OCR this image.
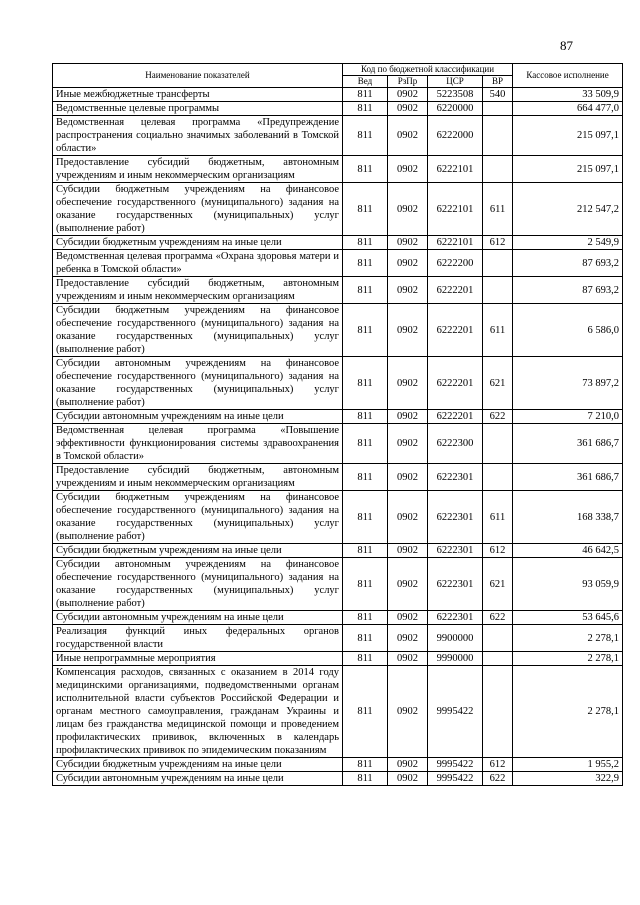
87
Наименование показателей	Код по бюджетной классификации				Кассовое исполнение
	Вед	РзПр	ЦСР	ВР	
Иные межбюджетные трансферты	811	0902	5223508	540	33 509,9
Ведомственные целевые программы	811	0902	6220000		664 477,0
Ведомственная целевая программа «Предупреждение распространения социально значимых заболеваний в Томской области»	811	0902	6222000		215 097,1
Предоставление субсидий бюджетным, автономным учреждениям и иным некоммерческим организациям	811	0902	6222101		215 097,1
Субсидии бюджетным учреждениям на финансовое обеспечение государственного (муниципального) задания на оказание государственных (муниципальных) услуг (выполнение работ)	811	0902	6222101	611	212 547,2
Субсидии бюджетным учреждениям на иные цели	811	0902	6222101	612	2 549,9
Ведомственная целевая программа «Охрана здоровья матери и ребенка в Томской области»	811	0902	6222200		87 693,2
Предоставление субсидий бюджетным, автономным учреждениям и иным некоммерческим организациям	811	0902	6222201		87 693,2
Субсидии бюджетным учреждениям на финансовое обеспечение государственного (муниципального) задания на оказание государственных (муниципальных) услуг (выполнение работ)	811	0902	6222201	611	6 586,0
Субсидии автономным учреждениям на финансовое обеспечение государственного (муниципального) задания на оказание государственных (муниципальных) услуг (выполнение работ)	811	0902	6222201	621	73 897,2
Субсидии автономным учреждениям на иные цели	811	0902	6222201	622	7 210,0
Ведомственная целевая программа «Повышение эффективности функционирования системы здравоохранения в Томской области»	811	0902	6222300		361 686,7
Предоставление субсидий бюджетным, автономным учреждениям и иным некоммерческим организациям	811	0902	6222301		361 686,7
Субсидии бюджетным учреждениям на финансовое обеспечение государственного (муниципального) задания на оказание государственных (муниципальных) услуг (выполнение работ)	811	0902	6222301	611	168 338,7
Субсидии бюджетным учреждениям на иные цели	811	0902	6222301	612	46 642,5
Субсидии автономным учреждениям на финансовое обеспечение государственного (муниципального) задания на оказание государственных (муниципальных) услуг (выполнение работ)	811	0902	6222301	621	93 059,9
Субсидии автономным учреждениям на иные цели	811	0902	6222301	622	53 645,6
Реализация функций иных федеральных органов государственной власти	811	0902	9900000		2 278,1
Иные непрограммные мероприятия	811	0902	9990000		2 278,1
Компенсация расходов, связанных с оказанием в 2014 году медицинскими организациями, подведомственными органам исполнительной власти субъектов Российской Федерации и органам местного самоуправления, гражданам Украины и лицам без гражданства медицинской помощи и проведением профилактических прививок, включенных в календарь профилактических прививок по эпидемическим показаниям	811	0902	9995422		2 278,1
Субсидии бюджетным учреждениям на иные цели	811	0902	9995422	612	1 955,2
Субсидии автономным учреждениям на иные цели	811	0902	9995422	622	322,9
